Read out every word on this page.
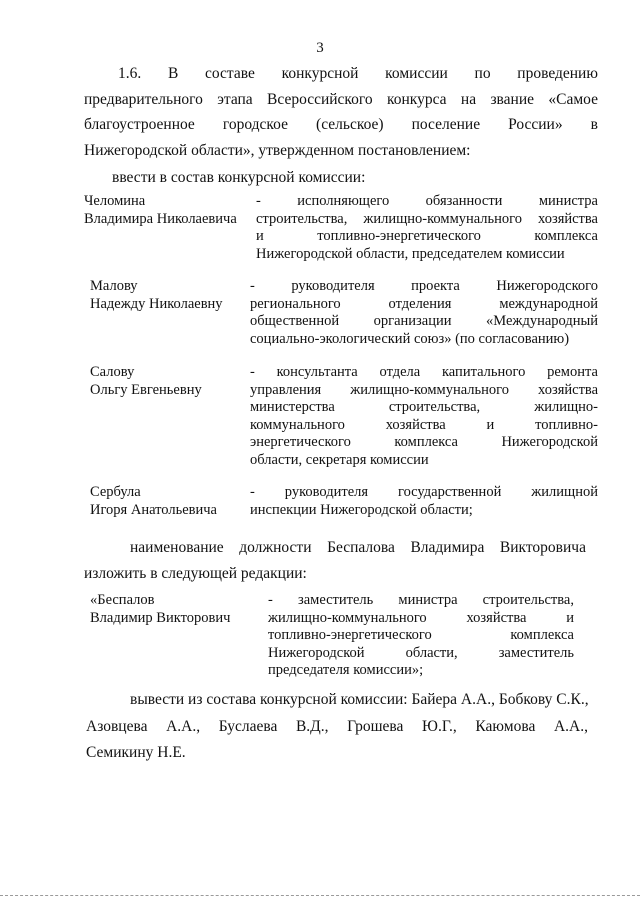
3
1.6. В составе конкурсной комиссии по проведению
предварительного этапа Всероссийского конкурса на звание «Самое
благоустроенное городское (сельское) поселение России» в
Нижегородской области», утвержденном постановлением:
ввести в состав конкурсной комиссии:
Челомина
Владимира Николаевича
-	исполняющего	обязанности	министра
строительства, жилищно-коммунального хозяйства
и	топливно-энергетического	комплекса
Нижегородской области, председателем комиссии
Малову
Надежду Николаевну
-	руководителя	проекта	Нижегородского
регионального	отделения	международной
общественной организации «Международный
социально-экологический союз» (по согласованию)
Салову
Ольгу Евгеньевну
- консультанта отдела капитального ремонта
управления жилищно-коммунального хозяйства
министерства	строительства,	жилищно-
коммунального	хозяйства	и	топливно-
энергетического	комплекса	Нижегородской
области, секретаря комиссии
Сербула
Игоря Анатольевича
- руководителя государственной жилищной
инспекции Нижегородской области;
наименование должности Беспалова Владимира Викторовича
изложить в следующей редакции:
«Беспалов
Владимир Викторович
- заместитель министра строительства,
жилищно-коммунального	хозяйства	и
топливно-энергетического	комплекса
Нижегородской	области,	заместитель
председателя комиссии»;
вывести из состава конкурсной комиссии: Байера А.А., Бобкову С.К.,
Азовцева А.А., Буслаева В.Д., Грошева Ю.Г., Каюмова А.А.,
Семикину Н.Е.
